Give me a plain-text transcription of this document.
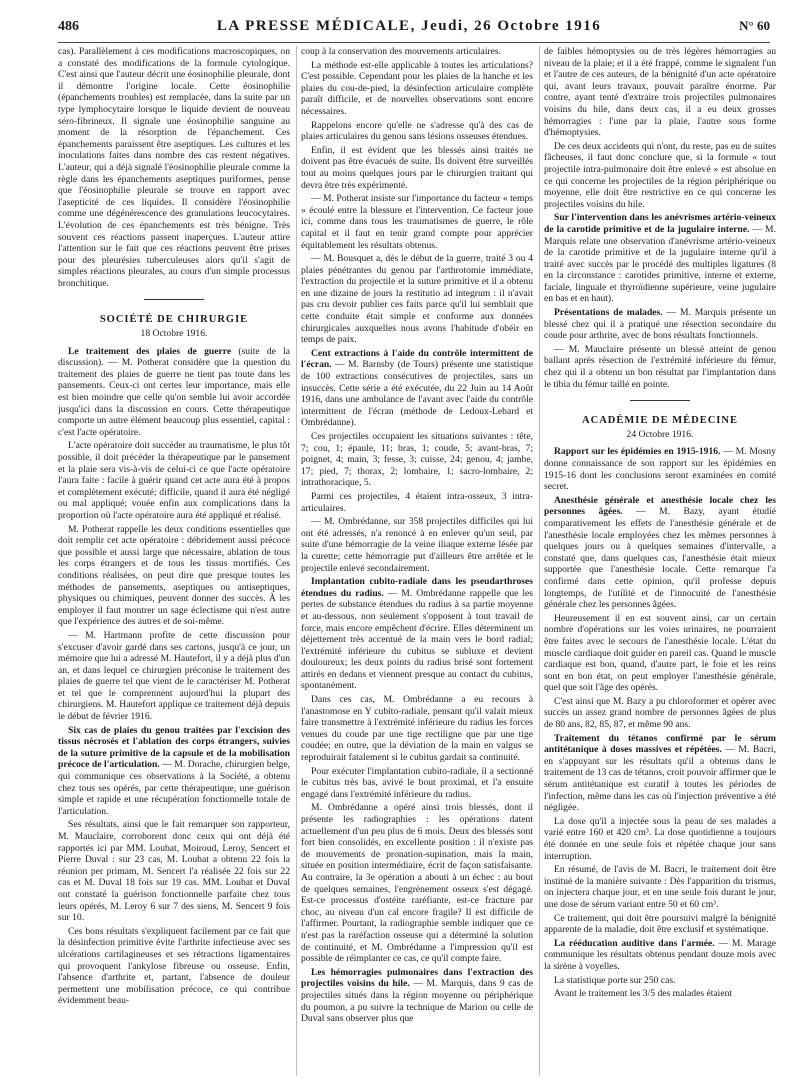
486	LA PRESSE MÉDICALE, Jeudi, 26 Octobre 1916	N° 60

cas). Parallèlement à ces modifications macroscopiques, on a constaté des modifications de la formule cytologique. C'est ainsi que l'auteur décrit une éosinophilie pleurale, dont il démontre l'origine locale. Cette éosinophilie (épanchements troubles) est remplacée, dans la suite par un type lymphocytaire lorsque le liquide devient de nouveau séro-fibrineux. Il signale une éosinophilie sanguine au moment de la résorption de l'épanchement. Ces épanchements paraissent être aseptiques. Les cultures et les inoculations faites dans nombre des cas restent négatives. L'auteur, qui a déjà signalé l'éosinophilie pleurale comme la règle dans les épanchements aseptiques puriformes, pense que l'éosinophilie pleurale se trouve en rapport avec l'asepticité de ces liquides. Il considère l'éosinophilie comme une dégénérescence des granulations leucocytaires. L'évolution de ces épanchements est très bénigne. Très souvent ces réactions passent inaperçues. L'auteur attire l'attention sur le fait que ces réactions peuvent être prises pour des pleurésies tuberculeuses alors qu'il s'agit de simples réactions pleurales, au cours d'un simple processus bronchitique.

SOCIÉTÉ DE CHIRURGIE
18 Octobre 1916.

Le traitement des plaies de guerre (suite de la discussion). — M. Potherat considère que la question du traitement des plaies de guerre ne tient pas toute dans les pansements. Ceux-ci ont certes leur importance, mais elle est bien moindre que celle qu'on semble lui avoir accordée jusqu'ici dans la discussion en cours. Cette thérapeutique comporte un autre élément beaucoup plus essentiel, capital : c'est l'acte opératoire.

L'acte opératoire doit succéder au traumatisme, le plus tôt possible, il doit précéder la thérapeutique par le pansement et la plaie sera vis-à-vis de celui-ci ce que l'acte opératoire l'aura faite : facile à guérir quand cet acte aura été à propos et complètement exécuté; difficile, quand il aura été négligé ou mal appliqué; vouée enfin aux complications dans la proportion où l'acte opératoire aura été appliqué et réalisé.

M. Potherat rappelle les deux conditions essentielles que doit remplir cet acte opératoire : débridement aussi précoce que possible et aussi large que nécessaire, ablation de tous les corps étrangers et de tous les tissus mortifiés. Ces conditions réalisées, on peut dire que presque toutes les méthodes de pansements, aseptiques ou antiseptiques, physiques ou chimiques, peuvent donner des succès. À les employer il faut montrer un sage éclectisme qui n'est autre que l'expérience des autres et de soi-même.

— M. Hartmann profite de cette discussion pour s'excuser d'avoir gardé dans ses cartons, jusqu'à ce jour, un mémoire que lui a adressé M. Hautefort, il y a déjà plus d'un an, et dans lequel ce chirurgien préconise le traitement des plaies de guerre tel que vient de le caractériser M. Potherat et tel que le comprennent aujourd'hui la plupart des chirurgiens. M. Hautefort applique ce traitement déjà depuis le début de février 1916.

Six cas de plaies du genou traitées par l'excision des tissus nécrosés et l'ablation des corps étrangers, suivies de la suture primitive de la capsule et de la mobilisation précoce de l'articulation. — M. Dorache, chirurgien belge, qui communique ces observations à la Société, a obtenu chez tous ses opérés, par cette thérapeutique, une guérison simple et rapide et une récupération fonctionnelle totale de l'articulation.

Ses résultats, ainsi que le fait remarquer son rapporteur, M. Mauclaire, corroborent donc ceux qui ont déjà été rapportés ici par MM. Loubat, Moiroud, Leroy, Sencert et Pierre Duval : sur 23 cas, M. Loubat a obtenu 22 fois la réunion per primam, M. Sencert l'a réalisée 22 fois sur 22 cas et M. Duval 18 fois sur 19 cas. MM. Loubat et Duval ont constaté la guérison fonctionnelle parfaite chez tous leurs opérés, M. Leroy 6 sur 7 des siens, M. Sencert 9 fois sur 10.

Ces bons résultats s'expliquent facilement par ce fait que la désinfection primitive évite l'arthrite infectieuse avec ses ulcérations cartilagineuses et ses rétractions ligamentaires qui provoquent l'ankylose fibreuse ou osseuse. Enfin, l'absence d'arthrite et, partant, l'absence de douleur permettent une mobilisation précoce, ce qui contribue évidemment beau-

coup à la conservation des mouvements articulaires.

La méthode est-elle applicable à toutes les articulations? C'est possible. Cependant pour les plaies de la hanche et les plaies du cou-de-pied, la désinfection articulaire complète paraît difficile, et de nouvelles observations sont encore nécessaires.

Rappelons encore qu'elle ne s'adresse qu'à des cas de plaies articulaires du genou sans lésions osseuses étendues.

Enfin, il est évident que les blessés ainsi traités ne doivent pas être évacués de suite. Ils doivent être surveillés tout au moins quelques jours par le chirurgien traitant qui devra être très expérimenté.

— M. Potherat insiste sur l'importance du facteur « temps » écoulé entre la blessure et l'intervention. Ce facteur joue ici, comme dans tous les traumatismes de guerre, le rôle capital et il faut en tenir grand compte pour apprécier équitablement les résultats obtenus.

— M. Bousquet a, dès le début de la guerre, traité 3 ou 4 plaies pénétrantes du genou par l'arthrotomie immédiate, l'extraction du projectile et la suture primitive et il a obtenu en une dizaine de jours la restitutio ad integrum : il n'avait pas cru devoir publier ces faits parce qu'il lui semblait que cette conduite était simple et conforme aux données chirurgicales auxquelles nous avons l'habitude d'obéir en temps de paix.

Cent extractions à l'aide du contrôle intermittent de l'écran. — M. Barnsby (de Tours) présente une statistique de 100 extractions consécutives de projectiles, sans un insuccès. Cette série a été exécutée, du 22 Juin au 14 Août 1916, dans une ambulance de l'avant avec l'aide du contrôle intermittent de l'écran (méthode de Ledoux-Lebard et Ombrédanne).

Ces projectiles occupaient les situations suivantes : tête, 7; cou, 1; épaule, 11; bras, 1; coude, 5; avant-bras, 7; poignet, 4; main, 3; fesse, 3; cuisse, 24; genou, 4; jambe, 17; pied, 7; thorax, 2; lombaire, 1; sacro-lombaire, 2; intrathoracique, 5.

Parmi ces projectiles, 4 étaient intra-osseux, 3 intra-articulaires.

— M. Ombrédanne, sur 358 projectiles difficiles qui lui ont été adressés, n'a renoncé à en enlever qu'un seul, par suite d'une hémorragie de la veine iliaque externe lésée par la curette; cette hémorragie put d'ailleurs être arrêtée et le projectile enlevé secondairement.

Implantation cubito-radiale dans les pseudarthroses étendues du radius. — M. Ombrédanne rappelle que les pertes de substance étendues du radius à sa partie moyenne et au-dessous, non seulement s'opposent à tout travail de force, mais encore empêchent d'écrire. Elles déterminent un déjettement très accentué de la main vers le bord radial; l'extrémité inférieure du cubitus se subluxe et devient douloureux; les deux points du radius brisé sont fortement attirés en dedans et viennent presque au contact du cubitus, spontanément.

Dans ces cas, M. Ombrédanne a eu recours à l'anastomose en Y cubito-radiale, pensant qu'il valait mieux faire transmettre à l'extrémité inférieure du radius les forces venues du coude par une tige rectiligne que par une tige coudée; en outre, que la déviation de la main en valgus se reproduirait fatalement si le cubitus gardait sa continuité.

Pour exécuter l'implantation cubito-radiale, il a sectionné le cubitus très bas, avivé le bout proximal, et l'a ensuite engagé dans l'extrémité inférieure du radius.

M. Ombrédanne a opéré ainsi trois blessés, dont il présente les radiographies : les opérations datent actuellement d'un peu plus de 6 mois. Deux des blessés sont fort bien consolidés, en excellente position : il n'existe pas de mouvements de pronation-supination, mais la main, située en position intermédiaire, écrit de façon satisfaisante. Au contraire, la 3e opération a abouti à un échec : au bout de quelques semaines, l'engrènement osseux s'est dégagé. Est-ce processus d'ostéite raréfiante, est-ce fracture par choc, au niveau d'un cal encore fragile? Il est difficile de l'affirmer. Pourtant, la radiographie semble indiquer que ce n'est pas la raréfaction osseuse qui a déterminé la solution de continuité, et M. Ombrédanne a l'impression qu'il est possible de réimplanter ce cas, ce qu'il compte faire.

Les hémorragies pulmonaires dans l'extraction des projectiles voisins du hile. — M. Marquis, dans 9 cas de projectiles situés dans la région moyenne ou périphérique du poumon, a pu suivre la technique de Marion ou celle de Duval sans observer plus que

de faibles hémoptysies ou de très légères hémorragies au niveau de la plaie; et il a été frappé, comme le signalent l'un et l'autre de ces auteurs, de la bénignité d'un acte opératoire qui, avant leurs travaux, pouvait paraître énorme. Par contre, ayant tenté d'extraire trois projectiles pulmonaires voisins du hile, dans deux cas, il a eu deux grosses hémorragies : l'une par la plaie, l'autre sous forme d'hémoptysies.

De ces deux accidents qui n'ont, du reste, pas eu de suites fâcheuses, il faut donc conclure que, si la formule « tout projectile intra-pulmonaire doit être enlevé » est absolue en ce qui concerne les projectiles de la région périphérique ou moyenne, elle doit être restrictive en ce qui concerne les projectiles voisins du hile.

Sur l'intervention dans les anévrismes artério-veineux de la carotide primitive et de la jugulaire interne. — M. Marquis relate une observation d'anévrisme artério-veineux de la carotide primitive et de la jugulaire interne qu'il a traité avec succès par le procédé des multiples ligatures (8 en la circonstance : carotides primitive, interne et externe, faciale, linguale et thyroïdienne supérieure, veine jugulaire en bas et en haut).

Présentations de malades. — M. Marquis présente un blessé chez qui il a pratiqué une résection secondaire du coude pour arthrite, avec de bons résultats fonctionnels.

— M. Mauclaire présente un blessé atteint de genou ballant après résection de l'extrémité inférieure du fémur, chez qui il a obtenu un bon résultat par l'implantation dans le tibia du fémur taillé en pointe.

ACADÉMIE DE MÉDECINE
24 Octobre 1916.

Rapport sur les épidémies en 1915-1916. — M. Mosny donne connaissance de son rapport sur les épidémies en 1915-16 dont les conclusions seront examinées en comité secret.

Anesthésie générale et anesthésie locale chez les personnes âgées. — M. Bazy, ayant étudié comparativement les effets de l'anesthésie générale et de l'anesthésie locale employées chez les mêmes personnes à quelques jours ou à quelques semaines d'intervalle, a constaté que, dans quelques cas, l'anesthésie était mieux supportée que l'anesthésie locale. Cette remarque l'a confirmé dans cette opinion, qu'il professe depuis longtemps, de l'utilité et de l'innocuité de l'anesthésie générale chez les personnes âgées.

Heureusement il en est souvent ainsi, car un certain nombre d'opérations sur les voies urinaires, ne pourraient être faites avec le secours de l'anesthésie locale. L'état du muscle cardiaque doit guider en pareil cas. Quand le muscle cardiaque est bon, quand, d'autre part, le foie et les reins sont en bon état, on peut employer l'anesthésie générale, quel que soit l'âge des opérés.

C'est ainsi que M. Bazy a pu chloroformer et opérer avec succès un assez grand nombre de personnes âgées de plus de 80 ans, 82, 85, 87, et même 90 ans.

Traitement du tétanos confirmé par le sérum antitétanique à doses massives et répétées. — M. Bacri, en s'appuyant sur les résultats qu'il a obtenus dans le traitement de 13 cas de tétanos, croit pouvoir affirmer que le sérum antitétanique est curatif à toutes les périodes de l'infection, même dans les cas où l'injection préventive a été négligée.

La dose qu'il a injectée sous la peau de ses malades a varié entre 160 et 420 cm³. La dose quotidienne a toujours été donnée en une seule fois et répétée chaque jour sans interruption.

En résumé, de l'avis de M. Bacri, le traitement doit être institué de la manière suivante : Dès l'apparition du trismus, on injectera chaque jour, et en une seule fois durant le jour, une dose de sérum variant entre 50 et 60 cm³.

Ce traitement, qui doit être poursuivi malgré la bénignité apparente de la maladie, doit être exclusif et systématique.

La rééducation auditive dans l'armée. — M. Marage communique les résultats obtenus pendant douze mois avec la sirène à voyelles.

La statistique porte sur 250 cas.

Avant le traitement les 3/5 des malades étaient
